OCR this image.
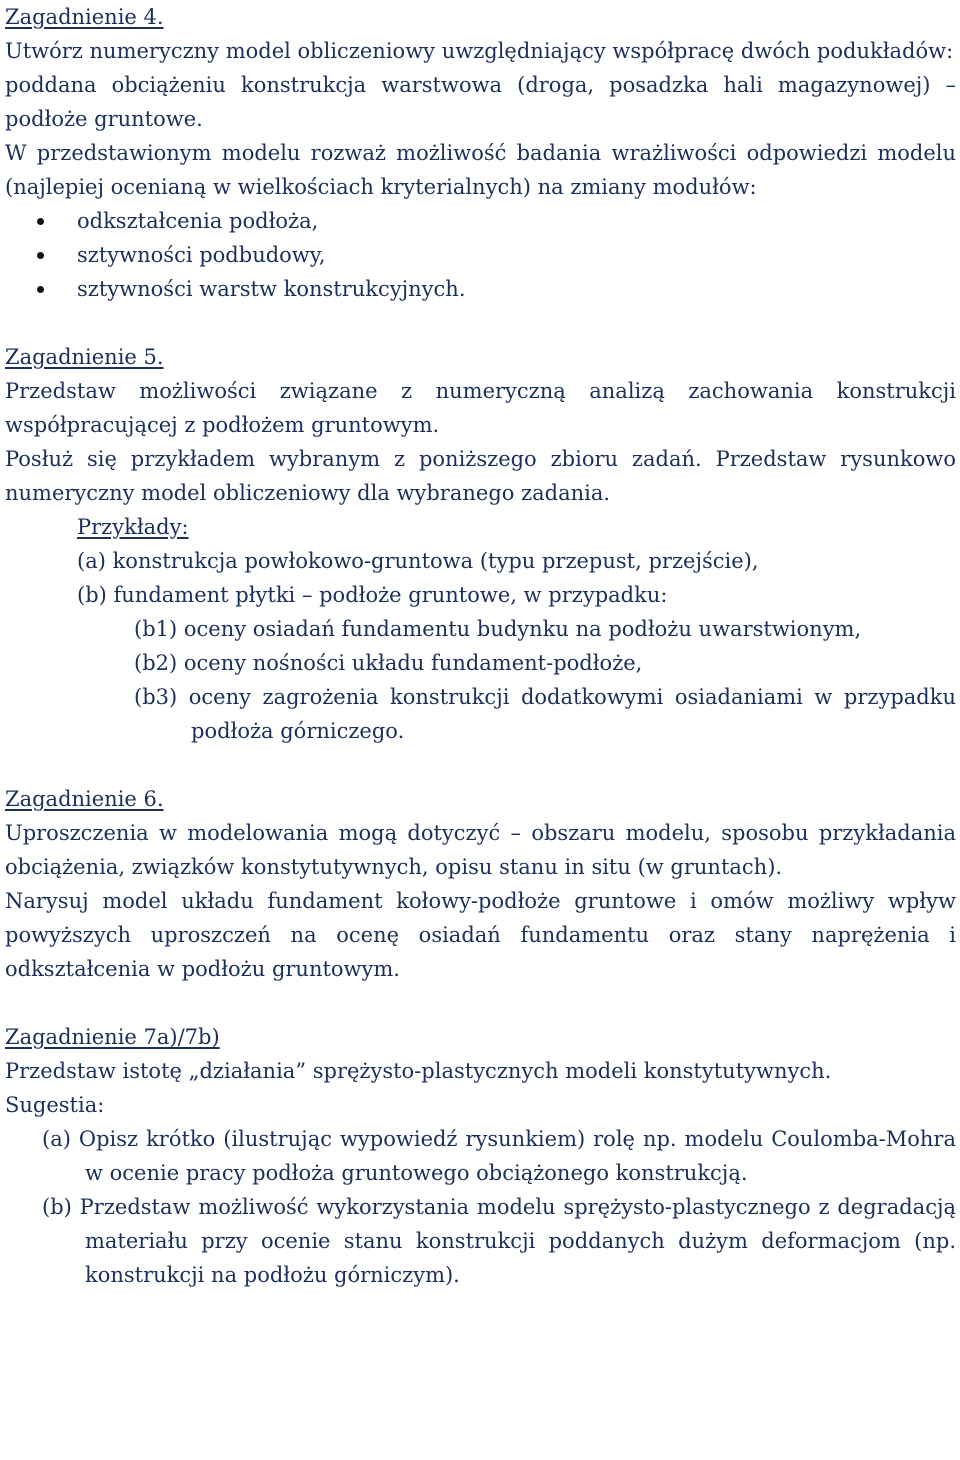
Zagadnienie 4.
Utwórz numeryczny model obliczeniowy uwzględniający współpracę dwóch podukładów:
poddana obciążeniu konstrukcja warstwowa (droga, posadzka hali magazynowej) – podłoże gruntowe.
W przedstawionym modelu rozważ możliwość badania wrażliwości odpowiedzi modelu (najlepiej ocenianą w wielkościach kryterialnych) na zmiany modułów:
odkształcenia podłoża,
sztywności podbudowy,
sztywności warstw konstrukcyjnych.
Zagadnienie 5.
Przedstaw możliwości związane z numeryczną analizą zachowania konstrukcji współpracującej z podłożem gruntowym.
Posłuż się przykładem wybranym z poniższego zbioru zadań. Przedstaw rysunkowo numeryczny model obliczeniowy dla wybranego zadania.
Przykłady:
(a) konstrukcja powłokowo-gruntowa (typu przepust, przejście),
(b) fundament płytki – podłoże gruntowe, w przypadku:
(b1) oceny osiadań fundamentu budynku na podłożu uwarstwionym,
(b2) oceny nośności układu fundament-podłoże,
(b3) oceny zagrożenia konstrukcji dodatkowymi osiadaniami w przypadku podłoża górniczego.
Zagadnienie 6.
Uproszczenia w modelowania mogą dotyczyć – obszaru modelu, sposobu przykładania obciążenia, związków konstytutywnych, opisu stanu in situ (w gruntach).
Narysuj model układu fundament kołowy-podłoże gruntowe i omów możliwy wpływ powyższych uproszczeń na ocenę osiadań fundamentu oraz stany naprężenia i odkształcenia w podłożu gruntowym.
Zagadnienie 7a)/7b)
Przedstaw istotę „działania” sprężysto-plastycznych modeli konstytutywnych.
Sugestia:
(a) Opisz krótko (ilustrując wypowiedź rysunkiem) rolę np. modelu Coulomba-Mohra w ocenie pracy podłoża gruntowego obciążonego konstrukcją.
(b) Przedstaw możliwość wykorzystania modelu sprężysto-plastycznego z degradacją materiału przy ocenie stanu konstrukcji poddanych dużym deformacjom (np. konstrukcji na podłożu górniczym).
